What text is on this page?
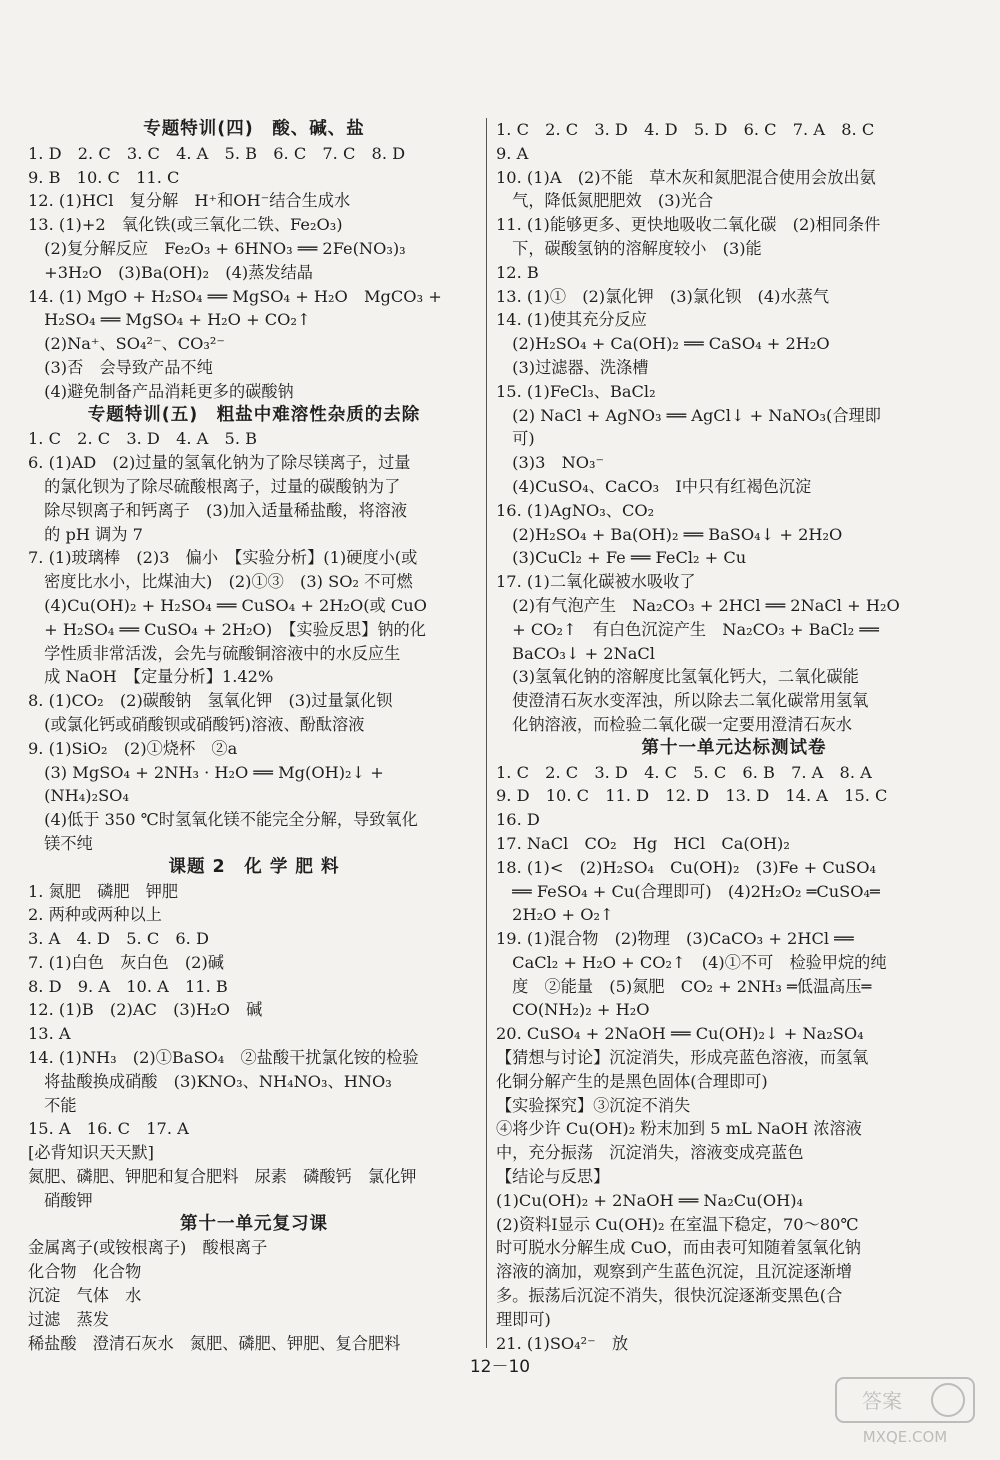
专题特训(四)　酸、碱、盐
1. D　2. C　3. C　4. A　5. B　6. C　7. C　8. D
9. B　10. C　11. C
12. (1)HCl　复分解　H⁺和OH⁻结合生成水
13. (1)+2　氧化铁(或三氧化二铁、Fe₂O₃)
　(2)复分解反应　Fe₂O₃ + 6HNO₃ ══ 2Fe(NO₃)₃
　+3H₂O　(3)Ba(OH)₂　(4)蒸发结晶
14. (1) MgO + H₂SO₄ ══ MgSO₄ + H₂O　MgCO₃ +
　H₂SO₄ ══ MgSO₄ + H₂O + CO₂↑
　(2)Na⁺、SO₄²⁻、CO₃²⁻
　(3)否　会导致产品不纯
　(4)避免制备产品消耗更多的碳酸钠
专题特训(五)　粗盐中难溶性杂质的去除
1. C　2. C　3. D　4. A　5. B
6. (1)AD　(2)过量的氢氧化钠为了除尽镁离子，过量
　的氯化钡为了除尽硫酸根离子，过量的碳酸钠为了
　除尽钡离子和钙离子　(3)加入适量稀盐酸，将溶液
　的 pH 调为 7
7. (1)玻璃棒　(2)3　偏小　【实验分析】(1)硬度小(或
　密度比水小，比煤油大)　(2)①③　(3) SO₂ 不可燃
　(4)Cu(OH)₂ + H₂SO₄ ══ CuSO₄ + 2H₂O(或 CuO
　+ H₂SO₄ ══ CuSO₄ + 2H₂O)　【实验反思】钠的化
　学性质非常活泼，会先与硫酸铜溶液中的水反应生
　成 NaOH　【定量分析】1.42%
8. (1)CO₂　(2)碳酸钠　氢氧化钾　(3)过量氯化钡
　(或氯化钙或硝酸钡或硝酸钙)溶液、酚酞溶液
9. (1)SiO₂　(2)①烧杯　②a
　(3) MgSO₄ + 2NH₃ · H₂O ══ Mg(OH)₂↓ +
　(NH₄)₂SO₄
　(4)低于 350 ℃时氢氧化镁不能完全分解，导致氧化
　镁不纯
课题 2　化 学 肥 料
1. 氮肥　磷肥　钾肥
2. 两种或两种以上
3. A　4. D　5. C　6. D
7. (1)白色　灰白色　(2)碱
8. D　9. A　10. A　11. B
12. (1)B　(2)AC　(3)H₂O　碱
13. A
14. (1)NH₃　(2)①BaSO₄　②盐酸干扰氯化铵的检验
　将盐酸换成硝酸　(3)KNO₃、NH₄NO₃、HNO₃
　不能
15. A　16. C　17. A
[必背知识天天默]
氮肥、磷肥、钾肥和复合肥料　尿素　磷酸钙　氯化钾
　硝酸钾
第十一单元复习课
金属离子(或铵根离子)　酸根离子
化合物　化合物
沉淀　气体　水
过滤　蒸发
稀盐酸　澄清石灰水　氮肥、磷肥、钾肥、复合肥料
1. C　2. C　3. D　4. D　5. D　6. C　7. A　8. C
9. A
10. (1)A　(2)不能　草木灰和氮肥混合使用会放出氨
　气，降低氮肥肥效　(3)光合
11. (1)能够更多、更快地吸收二氧化碳　(2)相同条件
　下，碳酸氢钠的溶解度较小　(3)能
12. B
13. (1)①　(2)氯化钾　(3)氯化钡　(4)水蒸气
14. (1)使其充分反应
　(2)H₂SO₄ + Ca(OH)₂ ══ CaSO₄ + 2H₂O
　(3)过滤器、洗涤槽
15. (1)FeCl₃、BaCl₂
　(2) NaCl + AgNO₃ ══ AgCl↓ + NaNO₃(合理即
　可)
　(3)3　NO₃⁻
　(4)CuSO₄、CaCO₃　Ⅰ中只有红褐色沉淀
16. (1)AgNO₃、CO₂
　(2)H₂SO₄ + Ba(OH)₂ ══ BaSO₄↓ + 2H₂O
　(3)CuCl₂ + Fe ══ FeCl₂ + Cu
17. (1)二氧化碳被水吸收了
　(2)有气泡产生　Na₂CO₃ + 2HCl ══ 2NaCl + H₂O
　+ CO₂↑　有白色沉淀产生　Na₂CO₃ + BaCl₂ ══
　BaCO₃↓ + 2NaCl
　(3)氢氧化钠的溶解度比氢氧化钙大，二氧化碳能
　使澄清石灰水变浑浊，所以除去二氧化碳常用氢氧
　化钠溶液，而检验二氧化碳一定要用澄清石灰水
第十一单元达标测试卷
1. C　2. C　3. D　4. C　5. C　6. B　7. A　8. A
9. D　10. C　11. D　12. D　13. D　14. A　15. C
16. D
17. NaCl　CO₂　Hg　HCl　Ca(OH)₂
18. (1)<　(2)H₂SO₄　Cu(OH)₂　(3)Fe + CuSO₄
　══ FeSO₄ + Cu(合理即可)　(4)2H₂O₂ ═CuSO₄═
　2H₂O + O₂↑
19. (1)混合物　(2)物理　(3)CaCO₃ + 2HCl ══
　CaCl₂ + H₂O + CO₂↑　(4)①不可　检验甲烷的纯
　度　②能量　(5)氮肥　CO₂ + 2NH₃ ═低温高压═
　CO(NH₂)₂ + H₂O
20. CuSO₄ + 2NaOH ══ Cu(OH)₂↓ + Na₂SO₄
【猜想与讨论】沉淀消失，形成亮蓝色溶液，而氢氧
化铜分解产生的是黑色固体(合理即可)
【实验探究】③沉淀不消失
④将少许 Cu(OH)₂ 粉末加到 5 mL NaOH 浓溶液
中，充分振荡　沉淀消失，溶液变成亮蓝色
【结论与反思】
(1)Cu(OH)₂ + 2NaOH ══ Na₂Cu(OH)₄
(2)资料Ⅰ显示 Cu(OH)₂ 在室温下稳定，70～80℃
时可脱水分解生成 CuO，而由表可知随着氢氧化钠
溶液的滴加，观察到产生蓝色沉淀，且沉淀逐渐增
多。振荡后沉淀不消失，很快沉淀逐渐变黑色(合
理即可)
21. (1)SO₄²⁻　放
12－10
答案
MXQE.COM
